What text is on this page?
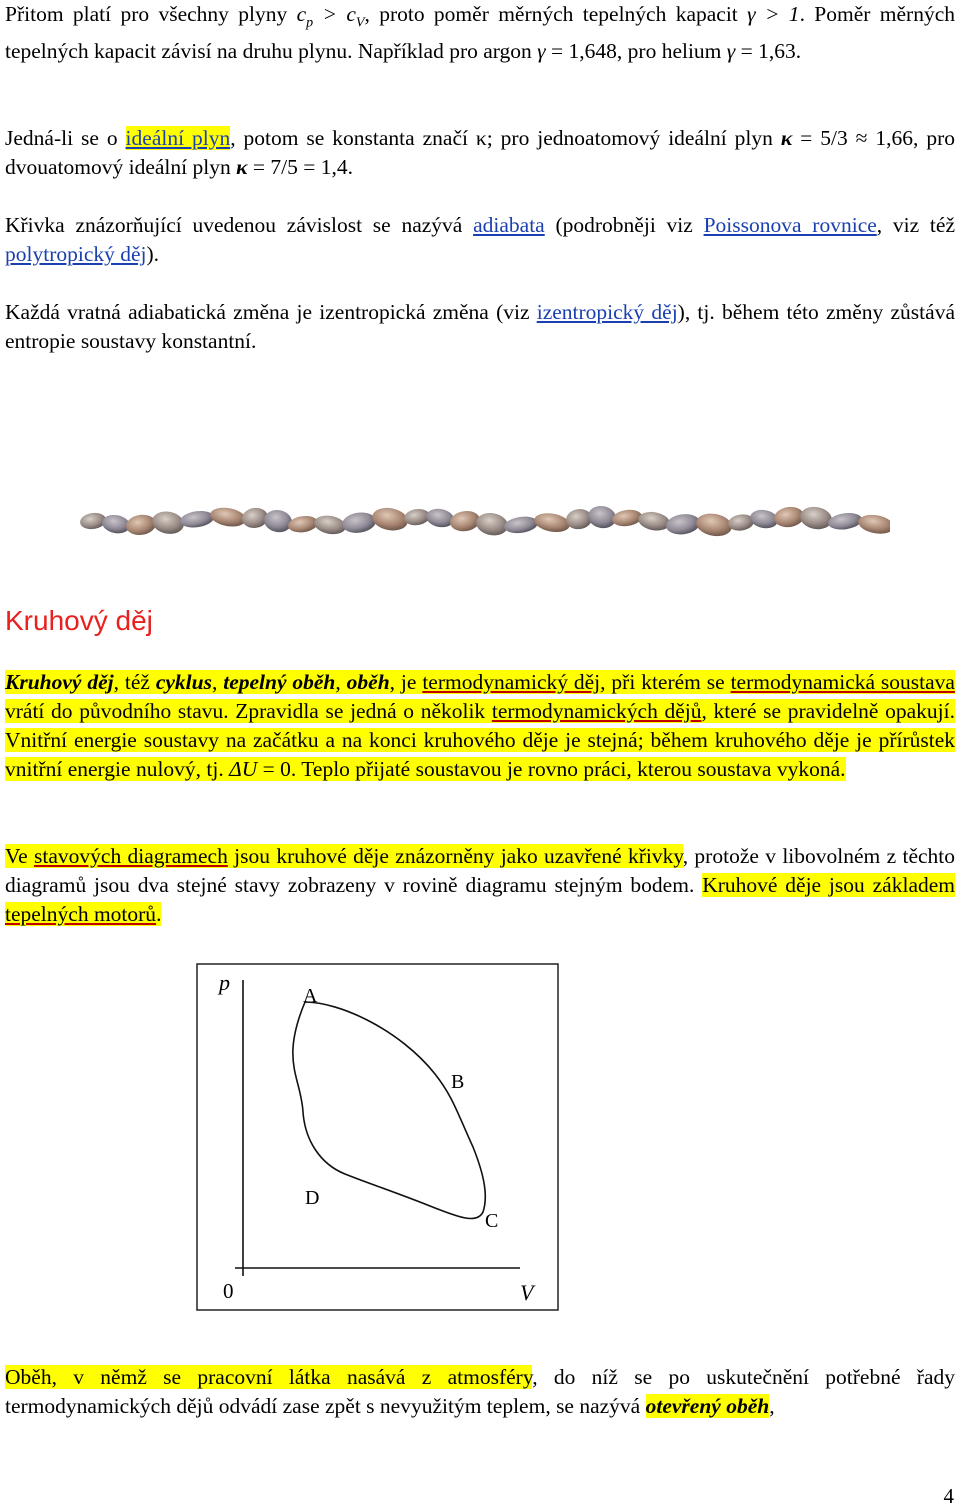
Přitom platí pro všechny plyny $c_p > c_V$, proto poměr měrných tepelných kapacit γ > 1. Poměr měrných tepelných kapacit závisí na druhu plynu. Například pro argon γ = 1,648, pro helium γ = 1,63.

Jedná-li se o ideální plyn, potom se konstanta značí κ; pro jednoatomový ideální plyn κ = 5/3 ≈ 1,66, pro dvouatomový ideální plyn κ = 7/5 = 1,4.

Křivka znázorňující uvedenou závislost se nazývá adiabata (podrobněji viz Poissonova rovnice, viz též polytropický děj).

Každá vratná adiabatická změna je izentropická změna (viz izentropický děj), tj. během této změny zůstává entropie soustavy konstantní.

Kruhový děj

Kruhový děj, též cyklus, tepelný oběh, oběh, je termodynamický děj, při kterém se termodynamická soustava vrátí do původního stavu. Zpravidla se jedná o několik termodynamických dějů, které se pravidelně opakují. Vnitřní energie soustavy na začátku a na konci kruhového děje je stejná; během kruhového děje je přírůstek vnitřní energie nulový, tj. ΔU = 0. Teplo přijaté soustavou je rovno práci, kterou soustava vykoná.

Ve stavových diagramech jsou kruhové děje znázorněny jako uzavřené křivky, protože v libovolném z těchto diagramů jsou dva stejné stavy zobrazeny v rovině diagramu stejným bodem. Kruhové děje jsou základem tepelných motorů.

p
V
0
A
B
C
D

Oběh, v němž se pracovní látka nasává z atmosféry, do níž se po uskutečnění potřebné řady termodynamických dějů odvádí zase zpět s nevyužitým teplem, se nazývá otevřený oběh,

4
